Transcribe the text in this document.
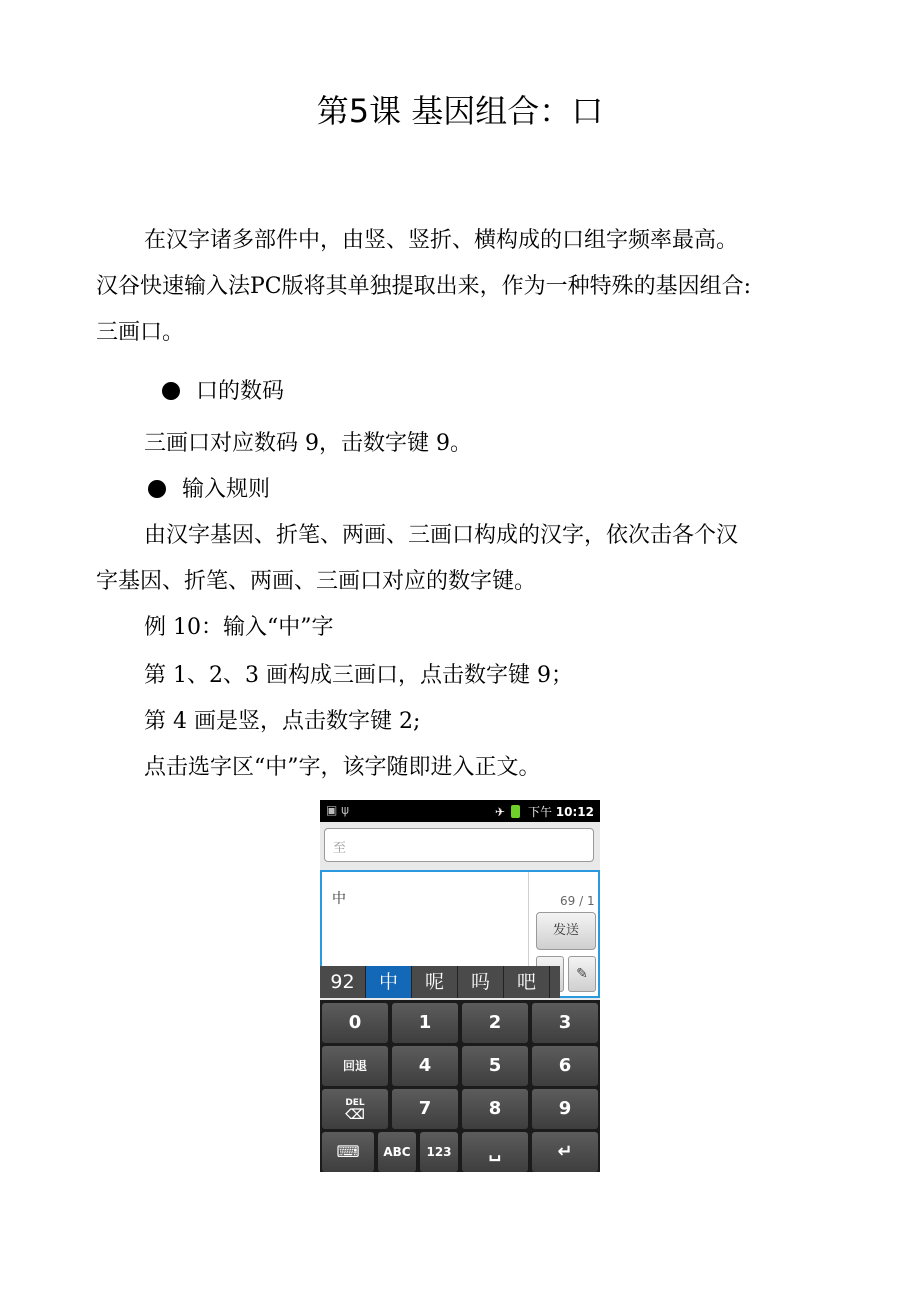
第5课 基因组合：口
在汉字诸多部件中，由竖、竖折、横构成的口组字频率最高。
汉谷快速输入法PC版将其单独提取出来，作为一种特殊的基因组合:
三画口。
口的数码
三画口对应数码 9，击数字键 9。
输入规则
由汉字基因、折笔、两画、三画口构成的汉字，依次击各个汉
字基因、折笔、两画、三画口对应的数字键。
例 10：输入“中”字
第 1、2、3 画构成三画口，点击数字键 9；
第 4 画是竖，点击数字键 2;
点击选字区“中”字，该字随即进入正文。
▣ ψ	✈ 下午 10:12
至
中	69 / 1
发送
✎
92	中	呢	吗	吧
0	1	2	3
回退	4	5	6
DEL
⌫	7	8	9
⌨	ABC	123	␣	↵
